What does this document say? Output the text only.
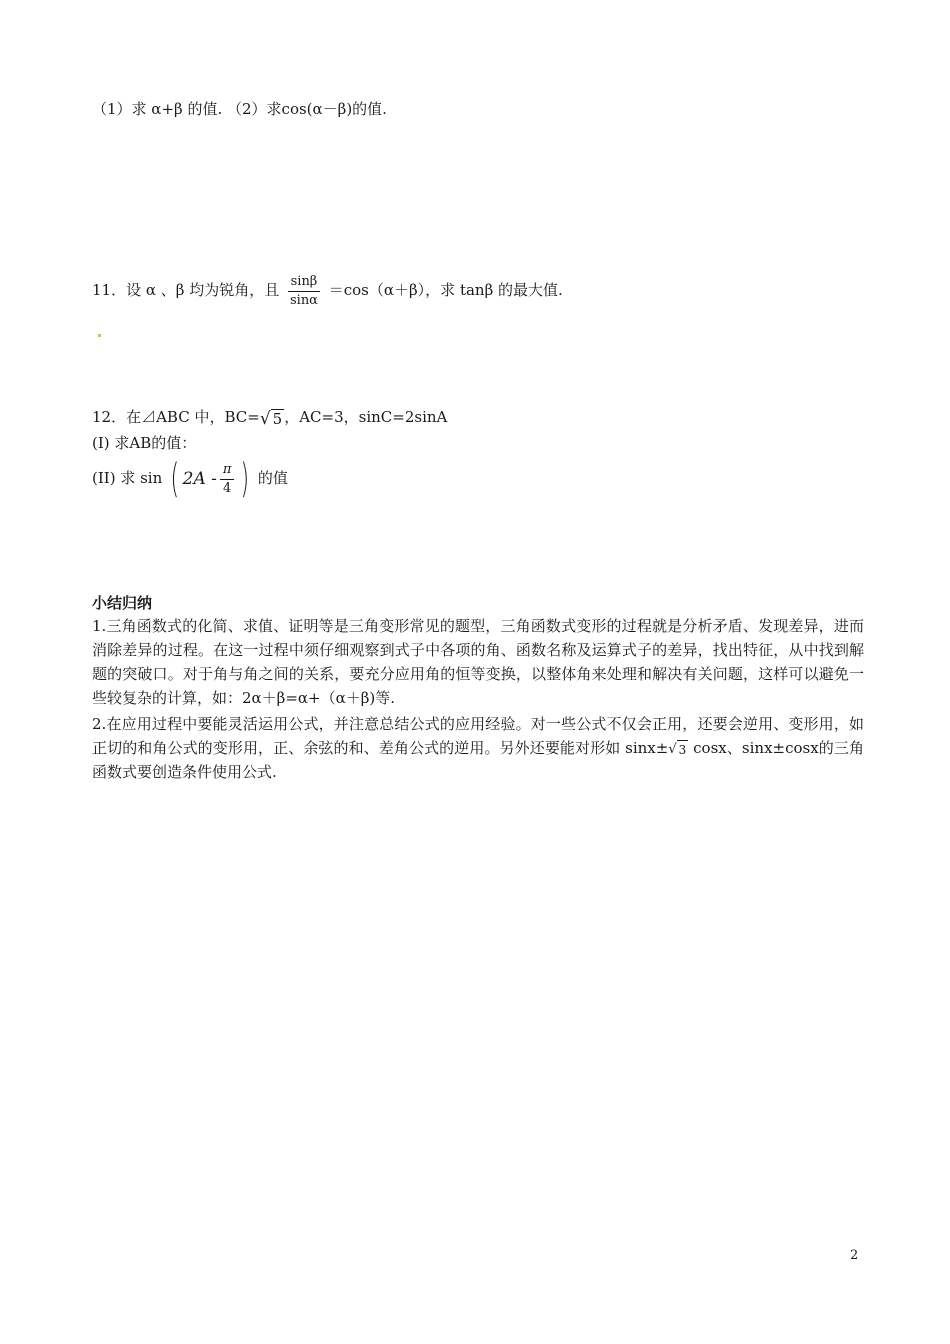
（1）求 α+β 的值. （2）求cos(α－β)的值.
11．设 α 、β 均为锐角，且 $\frac{\sin\beta}{\sin\alpha} =\cos(\alpha+\beta)$，求 tanβ 的最大值.
12．在⊿ABC 中，BC= √ 5 ，AC=3，sinC=2sinA
(I) 求AB的值：
(II) 求 sin ( $2A - \frac{\pi}{4}$ ) 的值
小结归纳
1.三角函数式的化简、求值、证明等是三角变形常见的题型，三角函数式变形的过程就是分析矛盾、发现差异，进而消除差异的过程。在这一过程中须仔细观察到式子中各项的角、函数名称及运算式子的差异，找出特征，从中找到解题的突破口。对于角与角之间的关系，要充分应用角的恒等变换，以整体角来处理和解决有关问题，这样可以避免一些较复杂的计算，如：2α＋β=α+（α＋β)等.
2.在应用过程中要能灵活运用公式，并注意总结公式的应用经验。对一些公式不仅会正用，还要会逆用、变形用，如正切的和角公式的变形用，正、余弦的和、差角公式的逆用。另外还要能对形如 sinx± √ 3 cosx、sinx±cosx的三角函数式要创造条件使用公式.
2
